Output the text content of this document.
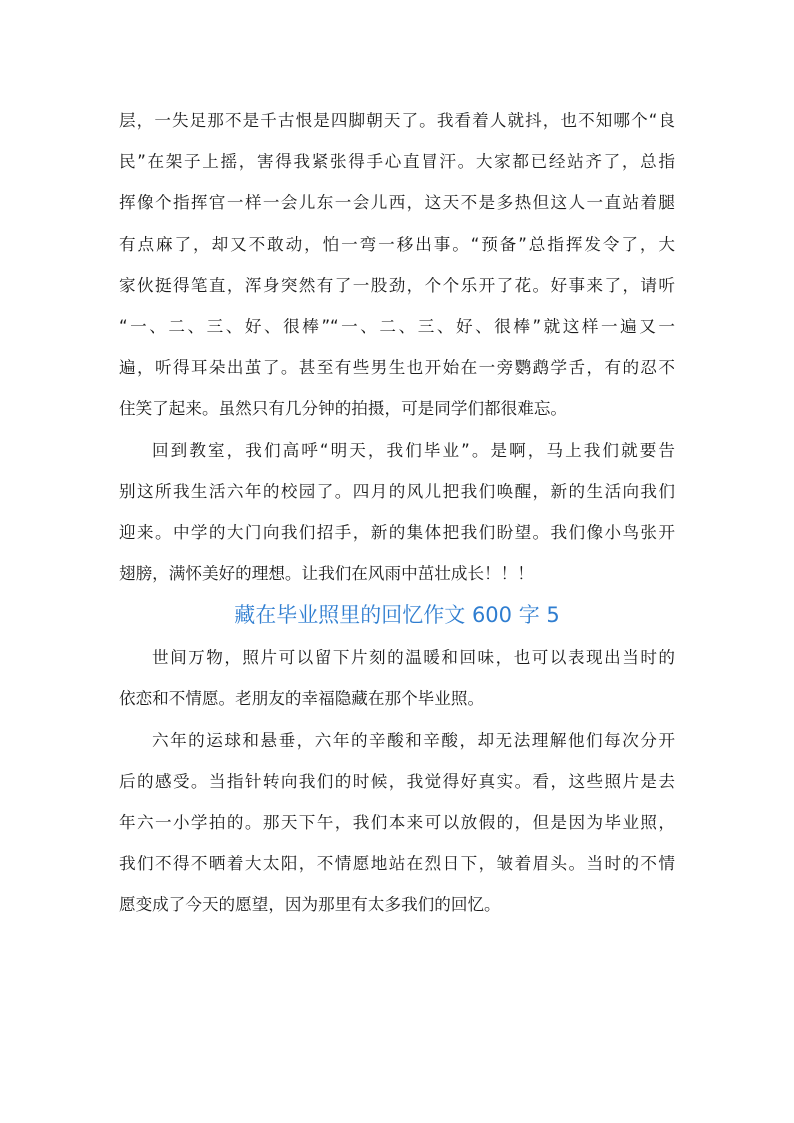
层，一失足那不是千古恨是四脚朝天了。我看着人就抖，也不知哪个“良
民”在架子上摇，害得我紧张得手心直冒汗。大家都已经站齐了，总指
挥像个指挥官一样一会儿东一会儿西，这天不是多热但这人一直站着腿
有点麻了，却又不敢动，怕一弯一移出事。“预备”总指挥发令了，大
家伙挺得笔直，浑身突然有了一股劲，个个乐开了花。好事来了，请听
“一、二、三、好、很棒”“一、二、三、好、很棒”就这样一遍又一
遍，听得耳朵出茧了。甚至有些男生也开始在一旁鹦鹉学舌，有的忍不
住笑了起来。虽然只有几分钟的拍摄，可是同学们都很难忘。
回到教室，我们高呼“明天，我们毕业”。是啊，马上我们就要告
别这所我生活六年的校园了。四月的风儿把我们唤醒，新的生活向我们
迎来。中学的大门向我们招手，新的集体把我们盼望。我们像小鸟张开
翅膀，满怀美好的理想。让我们在风雨中茁壮成长！！！
藏在毕业照里的回忆作文 600 字 5
世间万物，照片可以留下片刻的温暖和回味，也可以表现出当时的
依恋和不情愿。老朋友的幸福隐藏在那个毕业照。
六年的运球和悬垂，六年的辛酸和辛酸，却无法理解他们每次分开
后的感受。当指针转向我们的时候，我觉得好真实。看，这些照片是去
年六一小学拍的。那天下午，我们本来可以放假的，但是因为毕业照，
我们不得不晒着大太阳，不情愿地站在烈日下，皱着眉头。当时的不情
愿变成了今天的愿望，因为那里有太多我们的回忆。
